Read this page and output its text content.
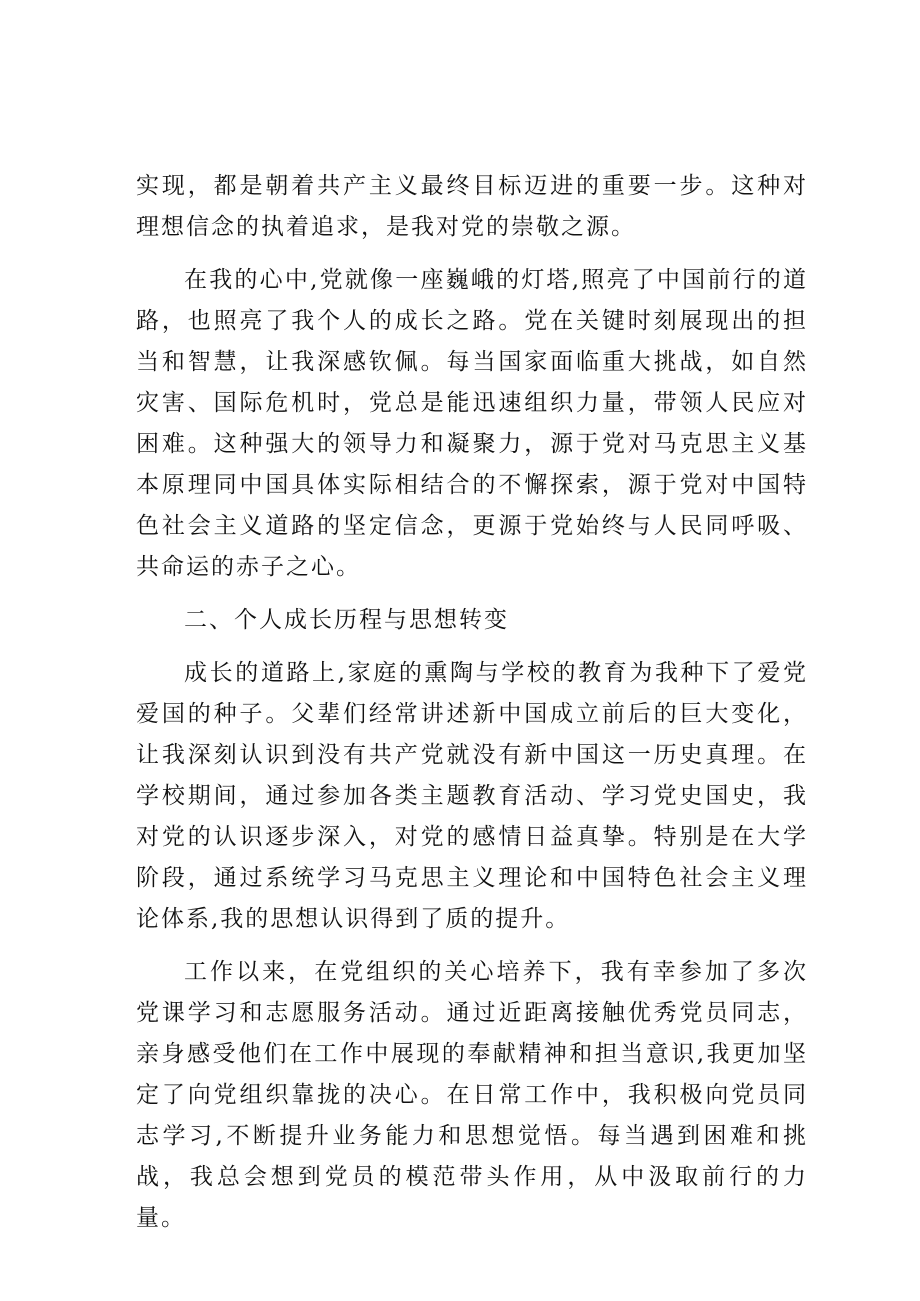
实现，都是朝着共产主义最终目标迈进的重要一步。这种对理想信念的执着追求，是我对党的崇敬之源。

在我的心中,党就像一座巍峨的灯塔,照亮了中国前行的道路，也照亮了我个人的成长之路。党在关键时刻展现出的担当和智慧，让我深感钦佩。每当国家面临重大挑战，如自然灾害、国际危机时，党总是能迅速组织力量，带领人民应对困难。这种强大的领导力和凝聚力，源于党对马克思主义基本原理同中国具体实际相结合的不懈探索，源于党对中国特色社会主义道路的坚定信念，更源于党始终与人民同呼吸、共命运的赤子之心。

二、个人成长历程与思想转变

成长的道路上,家庭的熏陶与学校的教育为我种下了爱党爱国的种子。父辈们经常讲述新中国成立前后的巨大变化，让我深刻认识到没有共产党就没有新中国这一历史真理。在学校期间，通过参加各类主题教育活动、学习党史国史，我对党的认识逐步深入，对党的感情日益真挚。特别是在大学阶段，通过系统学习马克思主义理论和中国特色社会主义理论体系,我的思想认识得到了质的提升。

工作以来，在党组织的关心培养下，我有幸参加了多次党课学习和志愿服务活动。通过近距离接触优秀党员同志，亲身感受他们在工作中展现的奉献精神和担当意识,我更加坚定了向党组织靠拢的决心。在日常工作中，我积极向党员同志学习,不断提升业务能力和思想觉悟。每当遇到困难和挑战，我总会想到党员的模范带头作用，从中汲取前行的力量。
